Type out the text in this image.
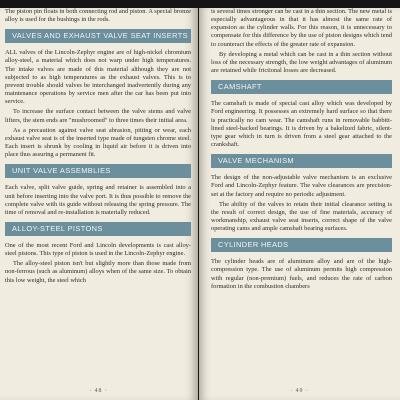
The piston pin floats in both connecting rod and piston. A special bronze alloy is used for the bushings in the rods.

VALVES AND EXHAUST VALVE SEAT INSERTS

ALL valves of the Lincoln-Zephyr engine are of high-nickel chromium alloy-steel, a material which does not warp under high temperatures. The intake valves are made of this material although they are not subjected to as high temperatures as the exhaust valves. This is to prevent trouble should valves be interchanged inadvertently during any maintenance operations by service men after the car has been put into service.

To increase the surface contact between the valve stems and valve lifters, the stem ends are "mushroomed" to three times their initial area.

As a precaution against valve seat abrasion, pitting or wear, each exhaust valve seat is of the inserted type made of tungsten chrome steel. Each insert is shrunk by cooling in liquid air before it is driven into place thus assuring a permanent fit.

UNIT VALVE ASSEMBLIES

Each valve, split valve guide, spring and retainer is assembled into a unit before inserting into the valve port. It is thus possible to remove the complete valve with its guide without releasing the spring pressure. The time of removal and re-installation is materially reduced.

ALLOY-STEEL PISTONS

One of the most recent Ford and Lincoln developments is cast alloy-steel pistons. This type of piston is used in the Lincoln-Zephyr engine.

The alloy-steel piston isn't but slightly more than those made from non-ferrous (such as aluminum) alloys when of the same size. To obtain this low weight, the steel which

· 48 ·

is several times stronger can be cast in a thin section. The new metal is especially advantageous in that it has almost the same rate of expansion as the cylinder walls. For this reason, it is unnecessary to compensate for this difference by the use of piston designs which tend to counteract the effects of the greater rate of expansion.

By developing a metal which can be cast in a thin section without loss of the necessary strength, the low weight advantages of aluminum are retained while frictional losses are decreased.

CAMSHAFT

The camshaft is made of special cast alloy which was developed by Ford engineering. It possesses an extremely hard surface so that there is practically no cam wear. The camshaft runs in removable babbitt-lined steel-backed bearings. It is driven by a bakelized fabric, silent-type gear which in turn is driven from a steel gear attached to the crankshaft.

VALVE MECHANISM

The design of the non-adjustable valve mechanism is an exclusive Ford and Lincoln-Zephyr feature. The valve clearances are precision-set at the factory and require no periodic adjustment.

The ability of the valves to retain their initial clearance setting is the result of correct design, the use of fine materials, accuracy of workmanship, exhaust valve seat inserts, correct shape of the valve operating cams and ample camshaft bearing surfaces.

CYLINDER HEADS

The cylinder heads are of aluminum alloy and are of the high-compression type. The use of aluminum permits high compression with regular (non-premium) fuels, and reduces the rate of carbon formation in the combustion chambers

· 49 ·
